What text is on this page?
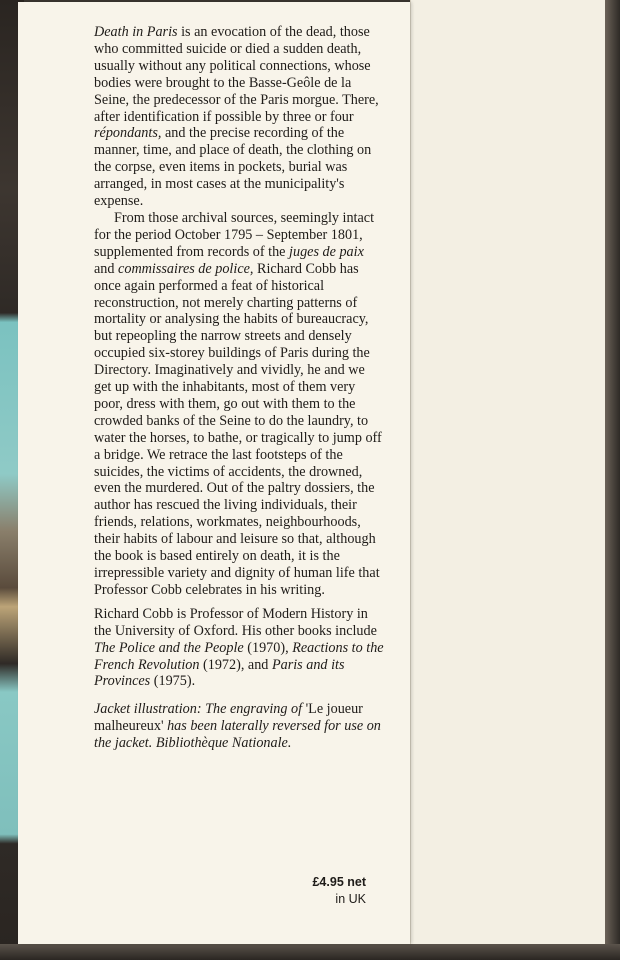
Death in Paris is an evocation of the dead, those who committed suicide or died a sudden death, usually without any political connections, whose bodies were brought to the Basse-Geôle de la Seine, the predecessor of the Paris morgue. There, after identification if possible by three or four répondants, and the precise recording of the manner, time, and place of death, the clothing on the corpse, even items in pockets, burial was arranged, in most cases at the municipality's expense.

From those archival sources, seemingly intact for the period October 1795 – September 1801, supplemented from records of the juges de paix and commissaires de police, Richard Cobb has once again performed a feat of historical reconstruction, not merely charting patterns of mortality or analysing the habits of bureaucracy, but repeopling the narrow streets and densely occupied six-storey buildings of Paris during the Directory. Imaginatively and vividly, he and we get up with the inhabitants, most of them very poor, dress with them, go out with them to the crowded banks of the Seine to do the laundry, to water the horses, to bathe, or tragically to jump off a bridge. We retrace the last footsteps of the suicides, the victims of accidents, the drowned, even the murdered. Out of the paltry dossiers, the author has rescued the living individuals, their friends, relations, workmates, neighbourhoods, their habits of labour and leisure so that, although the book is based entirely on death, it is the irrepressible variety and dignity of human life that Professor Cobb celebrates in his writing.

Richard Cobb is Professor of Modern History in the University of Oxford. His other books include The Police and the People (1970), Reactions to the French Revolution (1972), and Paris and its Provinces (1975).

Jacket illustration: The engraving of 'Le joueur malheureux' has been laterally reversed for use on the jacket. Bibliothèque Nationale.

£4.95 net
in UK
